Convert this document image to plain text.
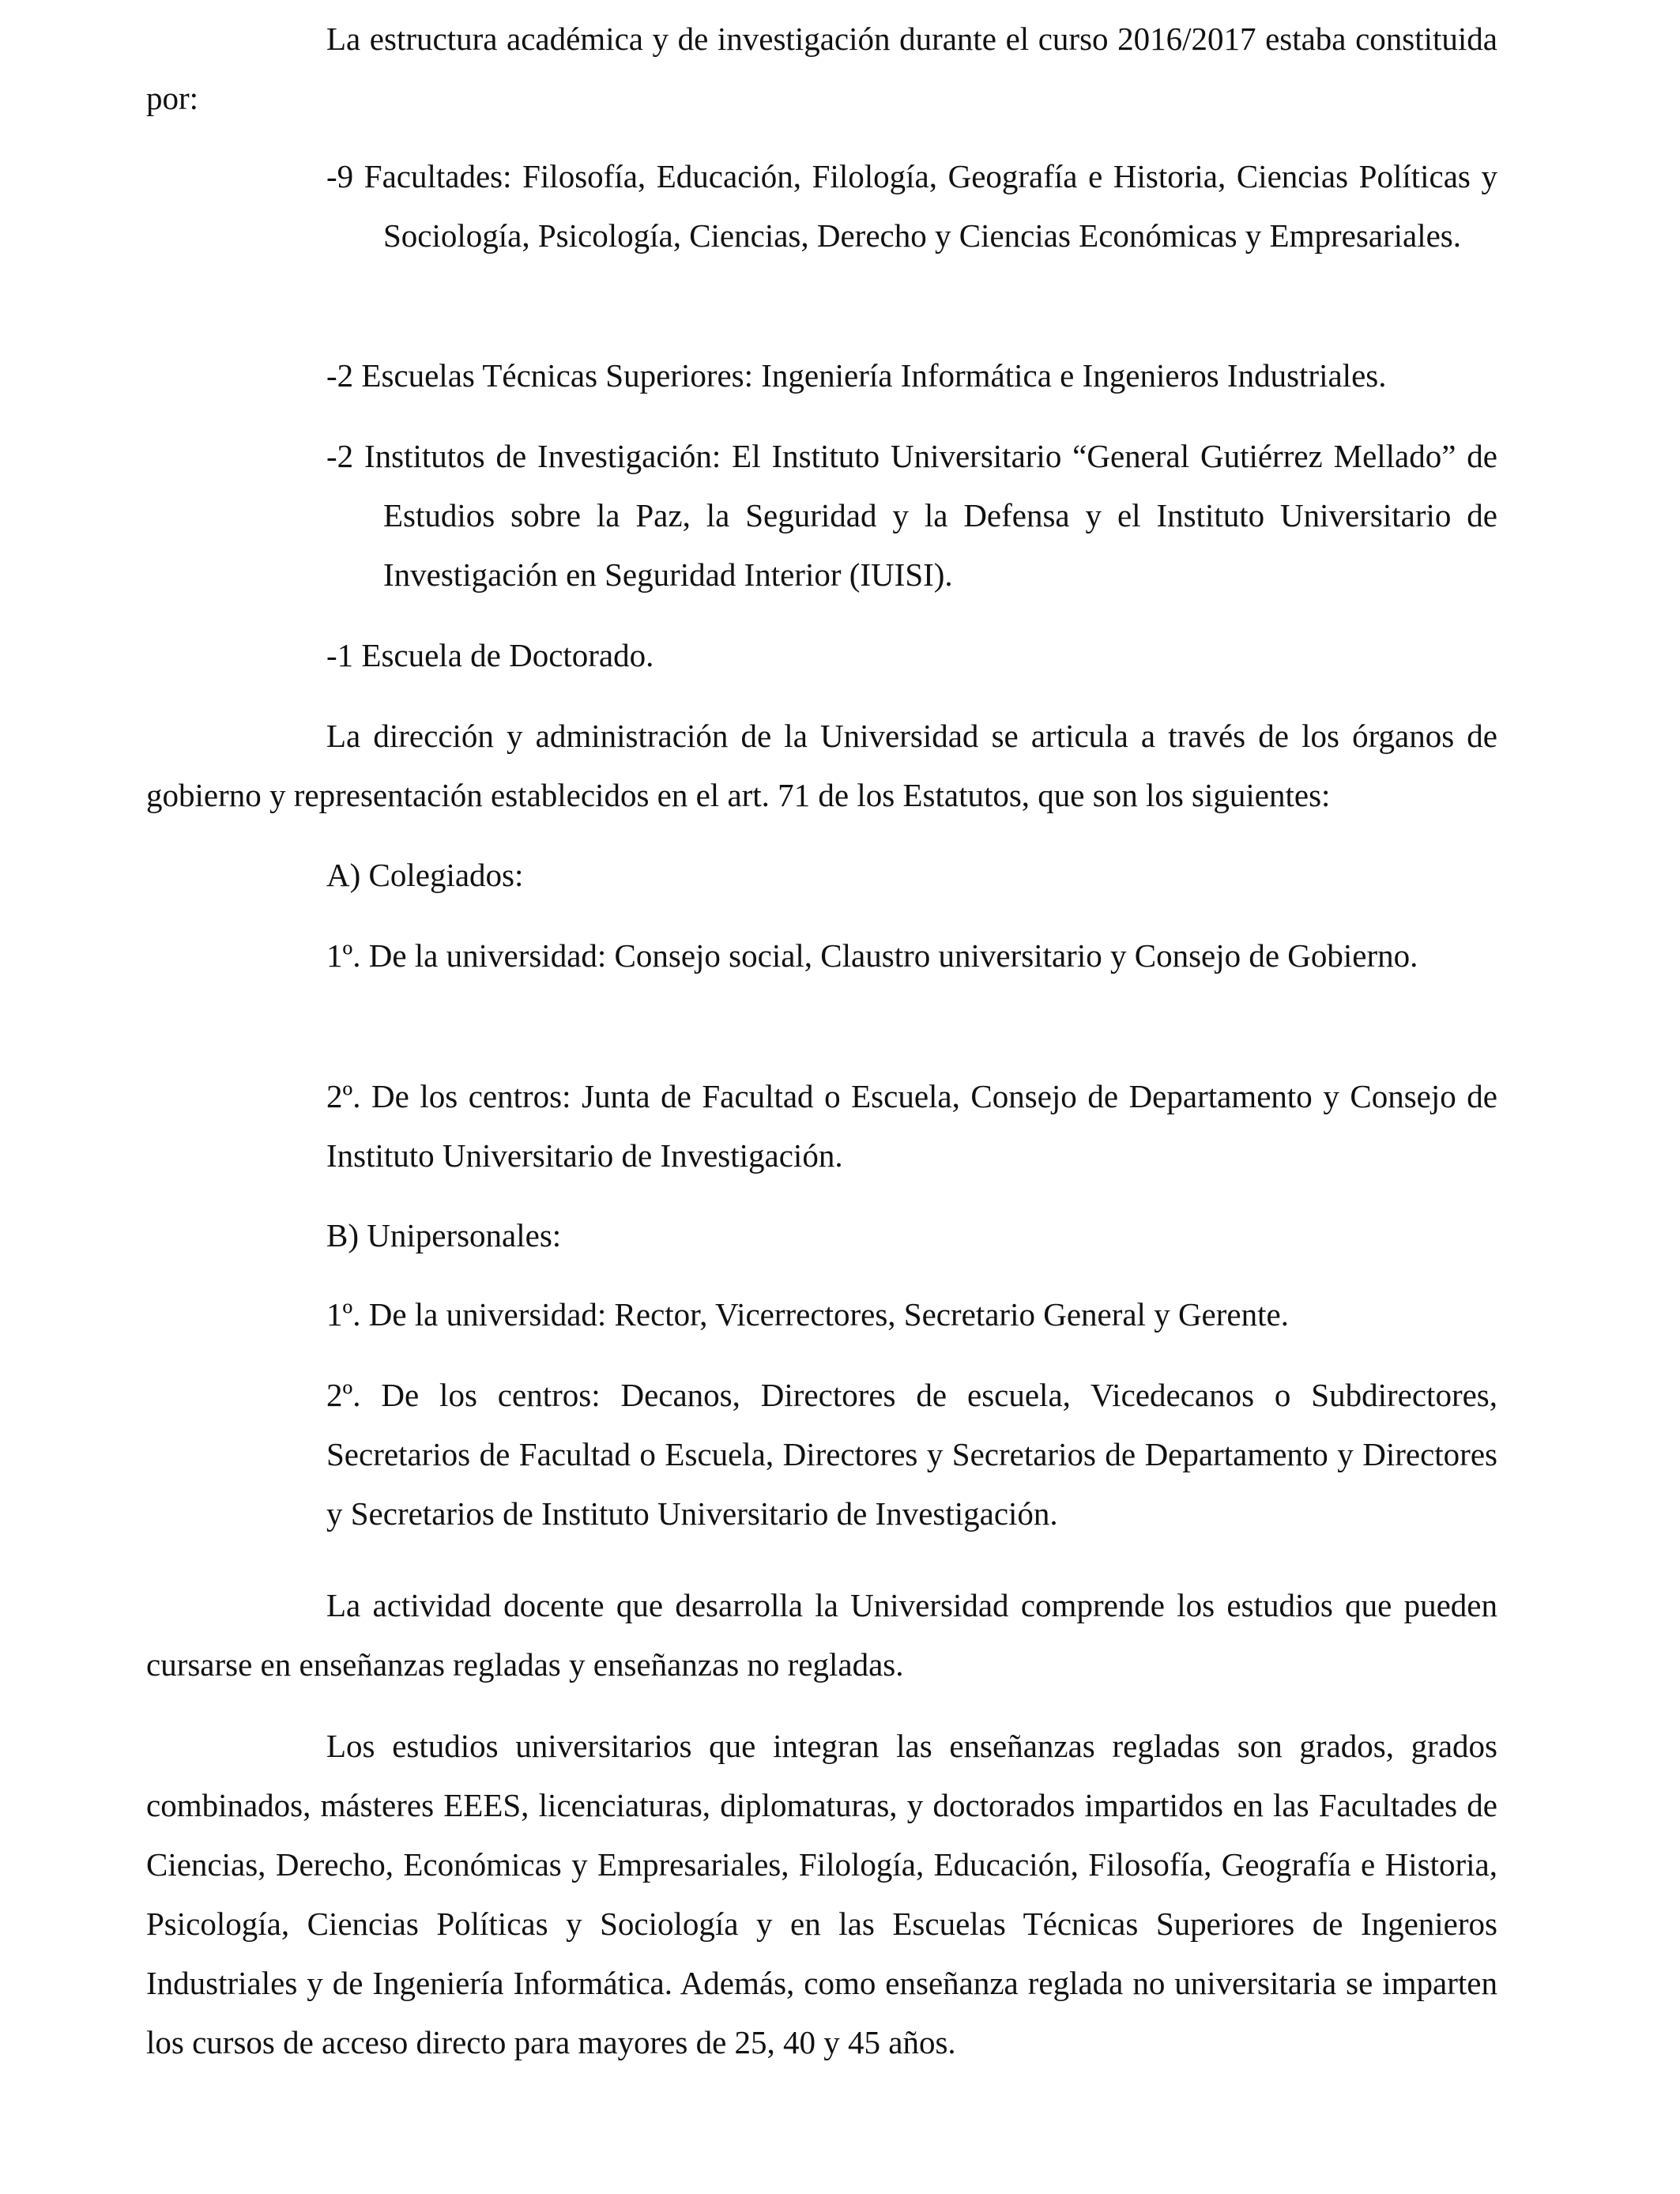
La estructura académica y de investigación durante el curso 2016/2017 estaba constituida por:

-9 Facultades: Filosofía, Educación, Filología, Geografía e Historia, Ciencias Políticas y Sociología, Psicología, Ciencias, Derecho y Ciencias Económicas y Empresariales.

-2 Escuelas Técnicas Superiores: Ingeniería Informática e Ingenieros Industriales.

-2 Institutos de Investigación: El Instituto Universitario “General Gutiérrez Mellado” de Estudios sobre la Paz, la Seguridad y la Defensa y el Instituto Universitario de Investigación en Seguridad Interior (IUISI).

-1 Escuela de Doctorado.

La dirección y administración de la Universidad se articula a través de los órganos de gobierno y representación establecidos en el art. 71 de los Estatutos, que son los siguientes:

A) Colegiados:

1º. De la universidad: Consejo social, Claustro universitario y Consejo de Gobierno.

2º. De los centros: Junta de Facultad o Escuela, Consejo de Departamento y Consejo de Instituto Universitario de Investigación.

B) Unipersonales:

1º. De la universidad: Rector, Vicerrectores, Secretario General y Gerente.

2º. De los centros: Decanos, Directores de escuela, Vicedecanos o Subdirectores, Secretarios de Facultad o Escuela, Directores y Secretarios de Departamento y Directores y Secretarios de Instituto Universitario de Investigación.

La actividad docente que desarrolla la Universidad comprende los estudios que pueden cursarse en enseñanzas regladas y enseñanzas no regladas.

Los estudios universitarios que integran las enseñanzas regladas son grados, grados combinados, másteres EEES, licenciaturas, diplomaturas, y doctorados impartidos en las Facultades de Ciencias, Derecho, Económicas y Empresariales, Filología, Educación, Filosofía, Geografía e Historia, Psicología, Ciencias Políticas y Sociología y en las Escuelas Técnicas Superiores de Ingenieros Industriales y de Ingeniería Informática. Además, como enseñanza reglada no universitaria se imparten los cursos de acceso directo para mayores de 25, 40 y 45 años.
